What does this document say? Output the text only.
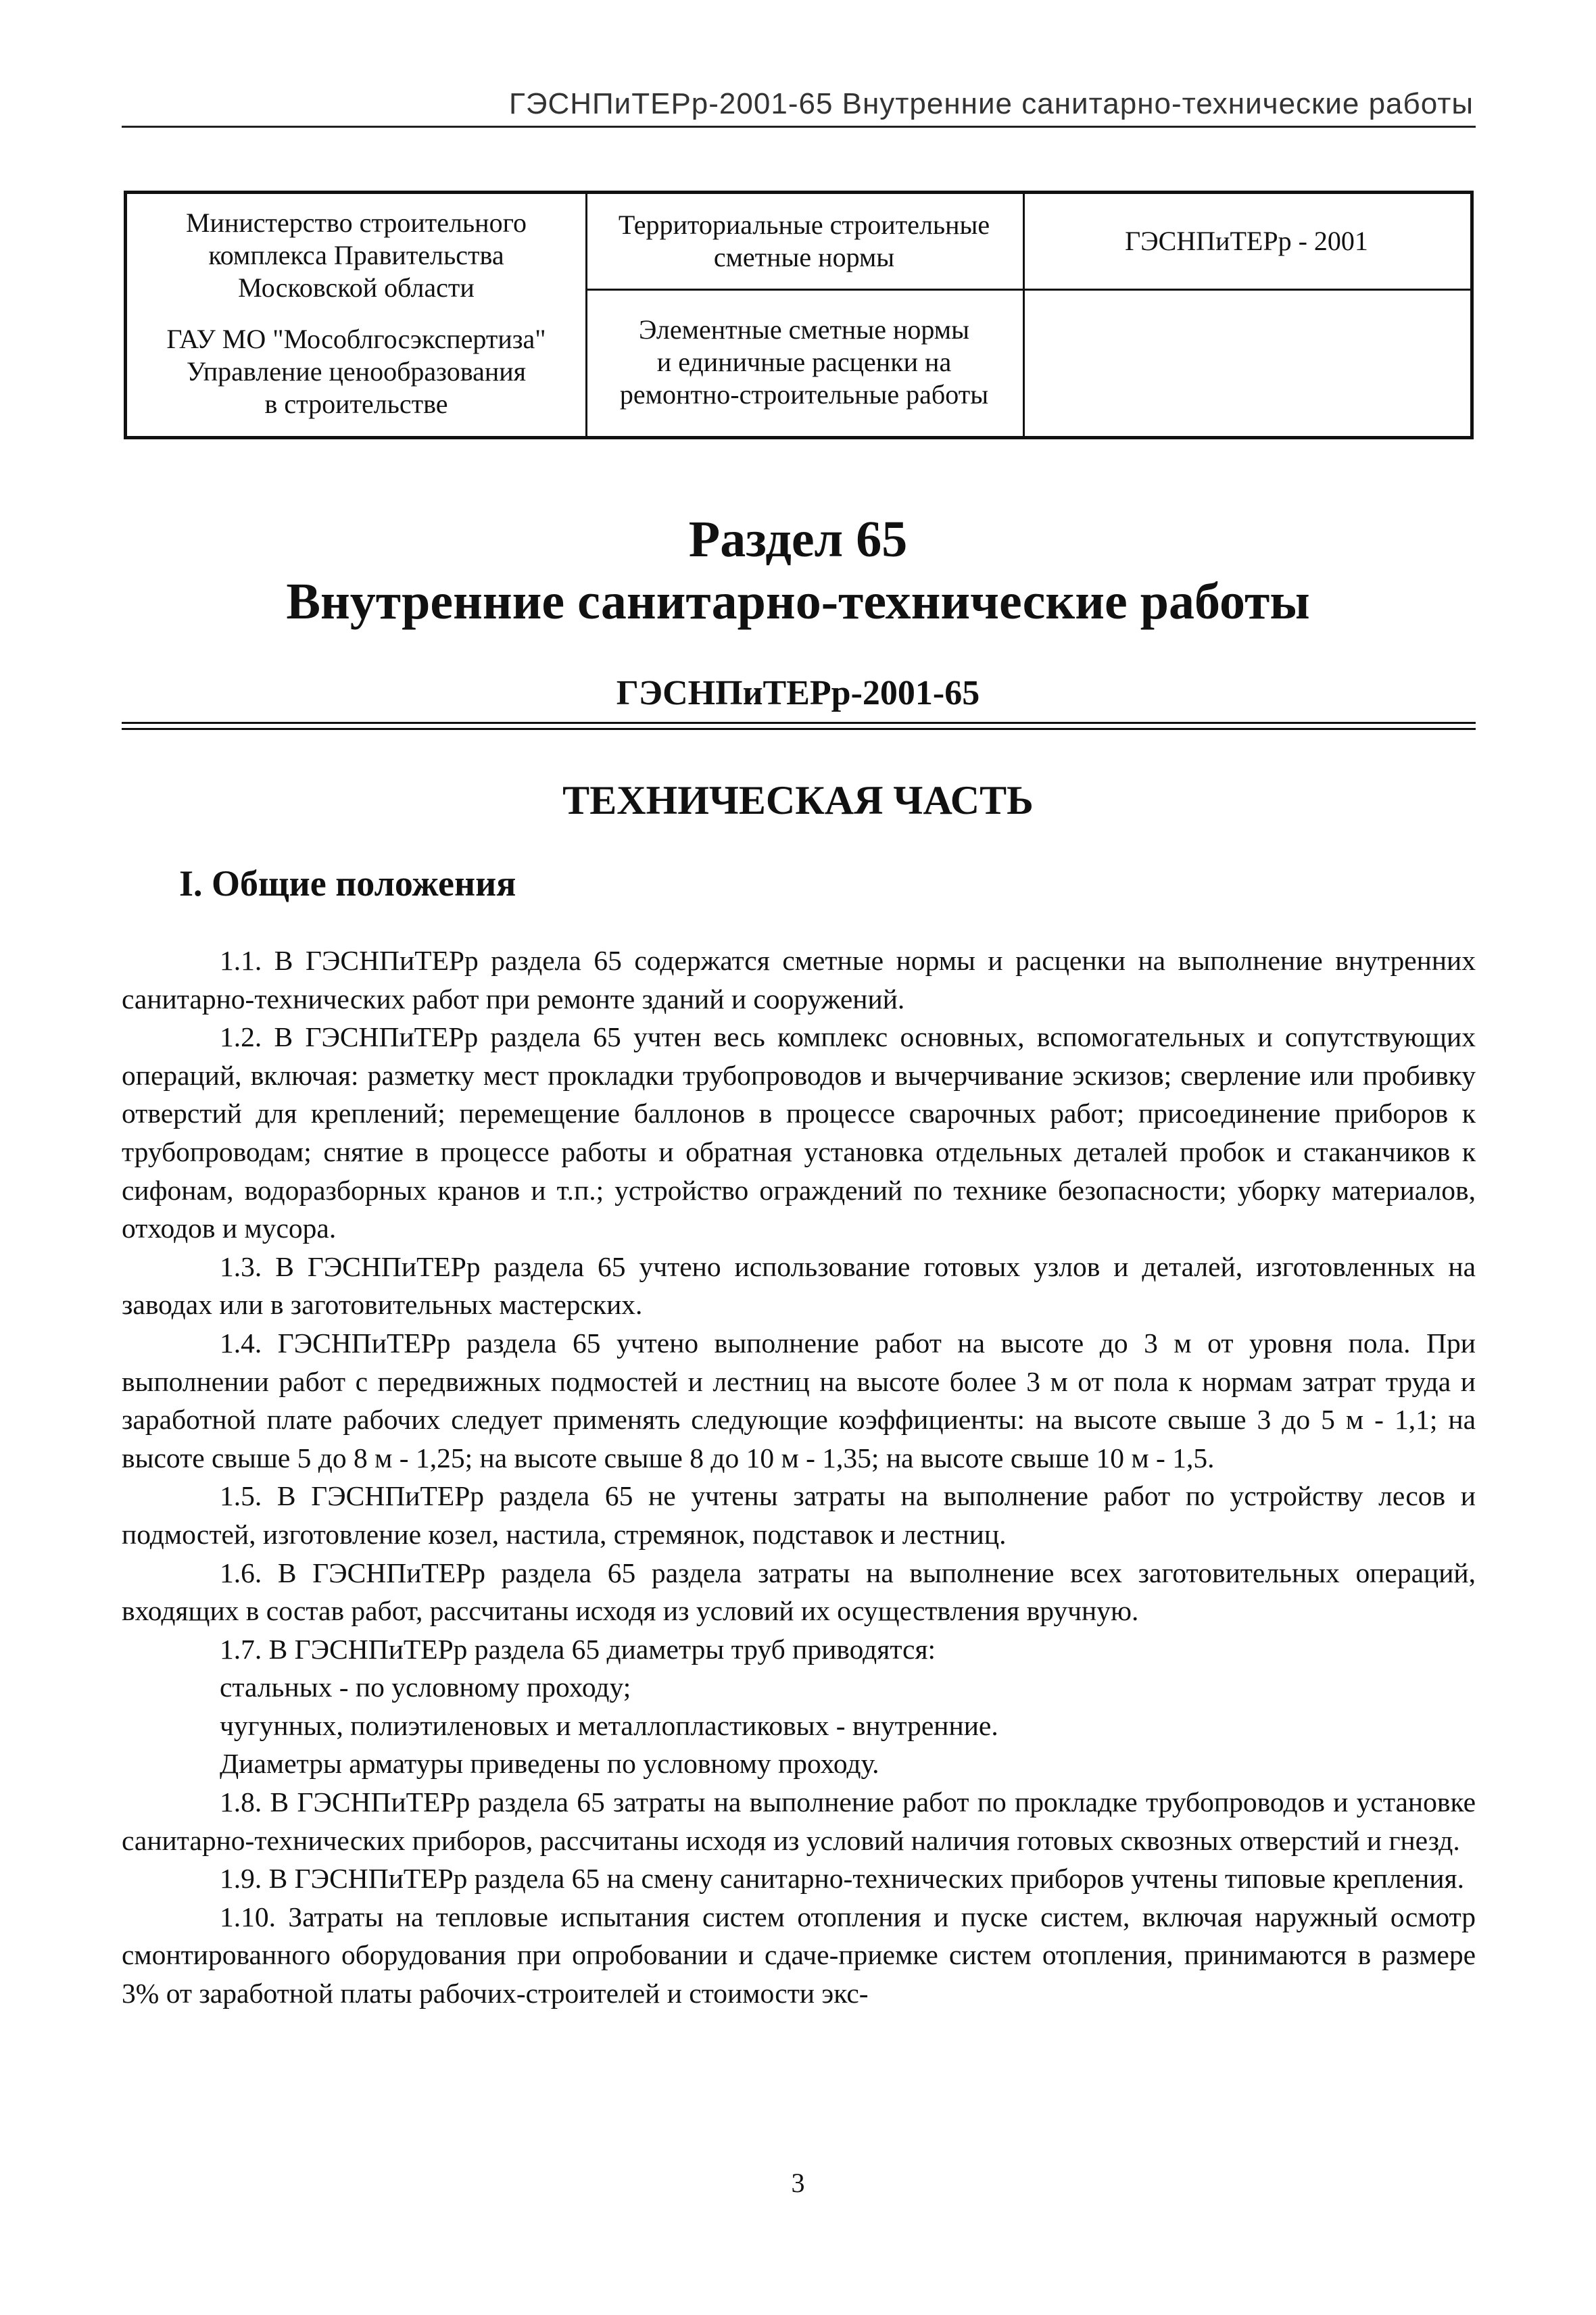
ГЭСНПиТЕРр-2001-65 Внутренние санитарно-технические работы
Министерство строительного
комплекса Правительства
Московской области
ГАУ МО "Мособлгосэкспертиза"
Управление ценообразования
в строительстве
Территориальные строительные
сметные нормы
Элементные сметные нормы
и единичные расценки на
ремонтно-строительные работы
ГЭСНПиТЕРр - 2001
Раздел 65
Внутренние санитарно-технические работы
ГЭСНПиТЕРр-2001-65
ТЕХНИЧЕСКАЯ ЧАСТЬ
I. Общие положения

1.1. В ГЭСНПиТЕРр раздела 65 содержатся сметные нормы и расценки на выполнение внутренних санитарно-технических работ при ремонте зданий и сооружений.

1.2. В ГЭСНПиТЕРр раздела 65 учтен весь комплекс основных, вспомогательных и сопутствующих операций, включая: разметку мест прокладки трубопроводов и вычерчивание эскизов; сверление или пробивку отверстий для креплений; перемещение баллонов в процессе сварочных работ; присоединение приборов к трубопроводам; снятие в процессе работы и обратная установка отдельных деталей пробок и стаканчиков к сифонам, водоразборных кранов и т.п.; устройство ограждений по технике безопасности; уборку материалов, отходов и мусора.

1.3. В ГЭСНПиТЕРр раздела 65 учтено использование готовых узлов и деталей, изготовленных на заводах или в заготовительных мастерских.

1.4. ГЭСНПиТЕРр раздела 65 учтено выполнение работ на высоте до 3 м от уровня пола. При выполнении работ с передвижных подмостей и лестниц на высоте более 3 м от пола к нормам затрат труда и заработной плате рабочих следует применять следующие коэффициенты: на высоте свыше 3 до 5 м - 1,1; на высоте свыше 5 до 8 м - 1,25; на высоте свыше 8 до 10 м - 1,35; на высоте свыше 10 м - 1,5.

1.5. В ГЭСНПиТЕРр раздела 65 не учтены затраты на выполнение работ по устройству лесов и подмостей, изготовление козел, настила, стремянок, подставок и лестниц.

1.6. В ГЭСНПиТЕРр раздела 65 раздела затраты на выполнение всех заготовительных операций, входящих в состав работ, рассчитаны исходя из условий их осуществления вручную.

1.7. В ГЭСНПиТЕРр раздела 65 диаметры труб приводятся:

стальных - по условному проходу;

чугунных, полиэтиленовых и металлопластиковых - внутренние.

Диаметры арматуры приведены по условному проходу.

1.8. В ГЭСНПиТЕРр раздела 65 затраты на выполнение работ по прокладке трубопроводов и установке санитарно-технических приборов, рассчитаны исходя из условий наличия готовых сквозных отверстий и гнезд.

1.9. В ГЭСНПиТЕРр раздела 65 на смену санитарно-технических приборов учтены типовые крепления.

1.10. Затраты на тепловые испытания систем отопления и пуске систем, включая наружный осмотр смонтированного оборудования при опробовании и сдаче-приемке систем отопления, принимаются в размере 3% от заработной платы рабочих-строителей и стоимости экс-

3
